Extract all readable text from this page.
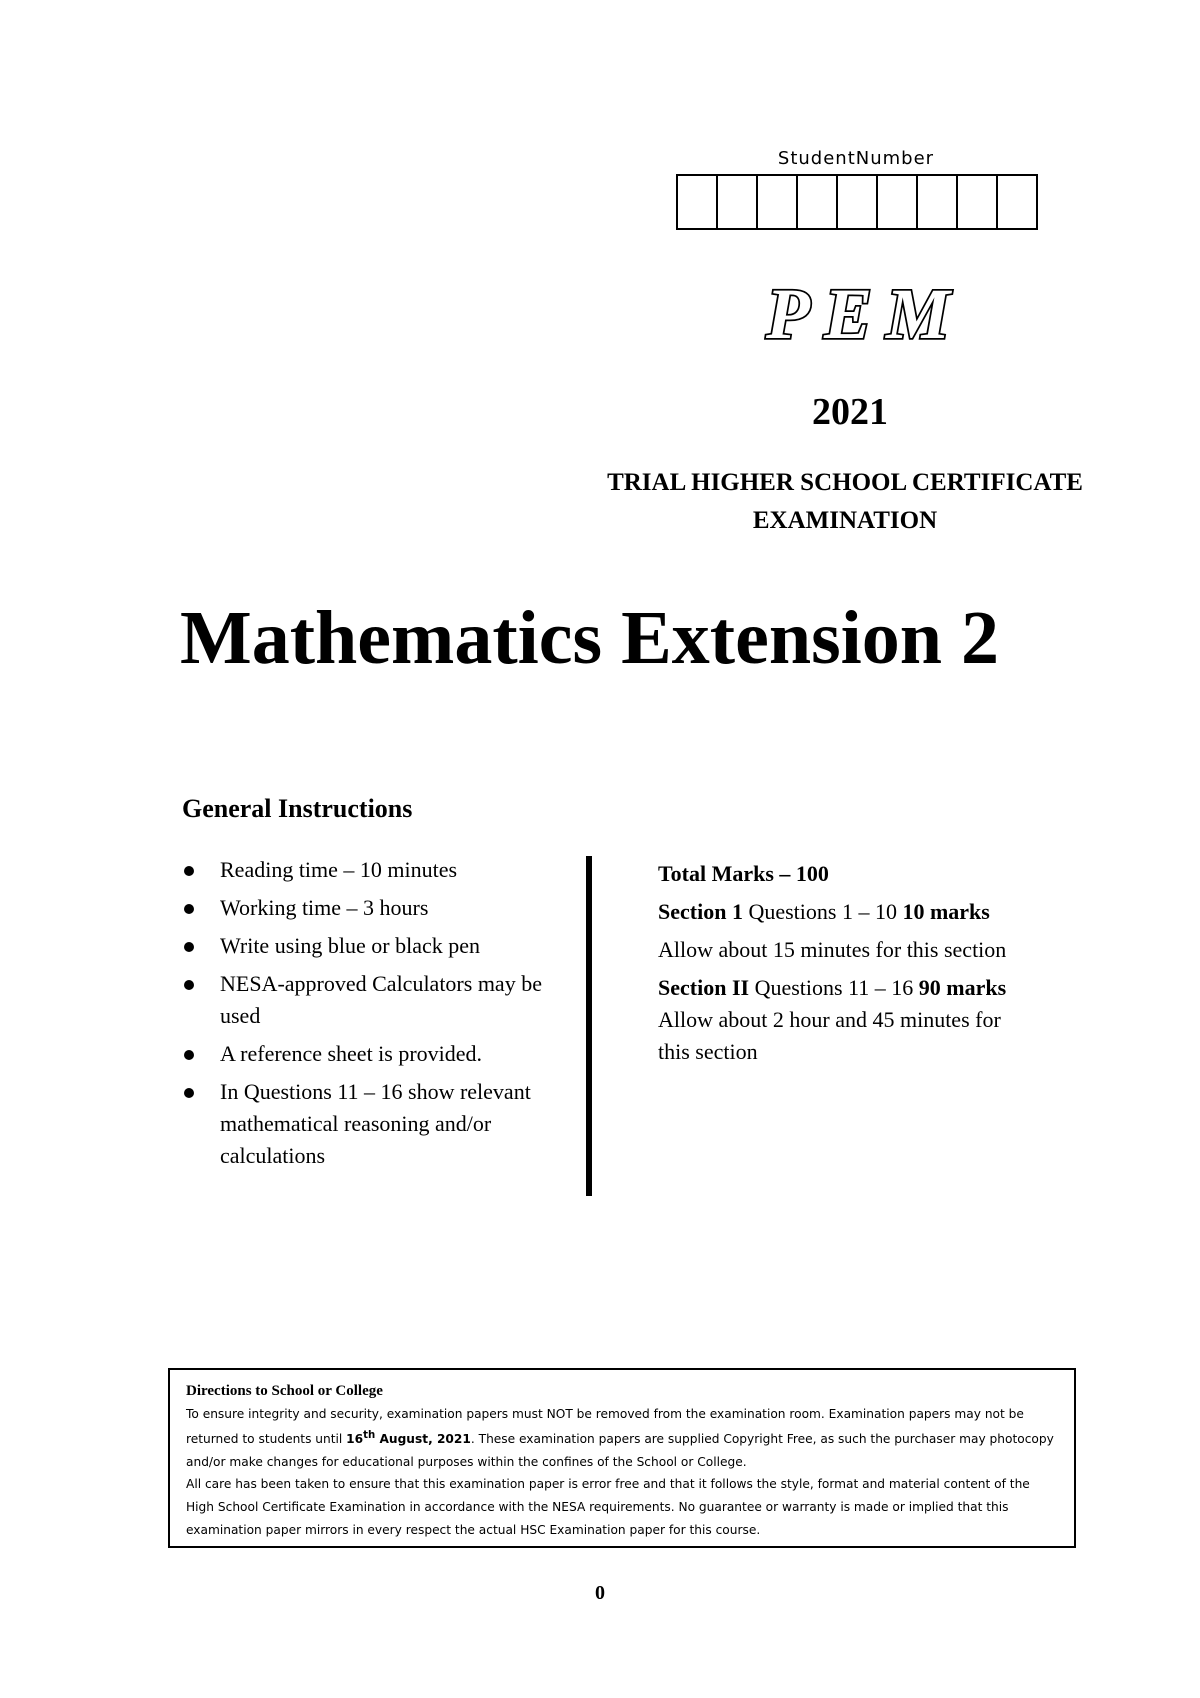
StudentNumber
PEM
2021
TRIAL HIGHER SCHOOL CERTIFICATE EXAMINATION
Mathematics Extension 2
General Instructions
Reading time – 10 minutes
Working time – 3 hours
Write using blue or black pen
NESA-approved Calculators may be used
A reference sheet is provided.
In Questions 11 – 16 show relevant mathematical reasoning and/or calculations
Total Marks – 100
Section 1 Questions 1 – 10 10 marks
Allow about 15 minutes for this section
Section II Questions 11 – 16 90 marks
Allow about 2 hour and 45 minutes for
this section
Directions to School or College
To ensure integrity and security, examination papers must NOT be removed from the examination room. Examination papers may not be returned to students until 16th August, 2021. These examination papers are supplied Copyright Free, as such the purchaser may photocopy and/or make changes for educational purposes within the confines of the School or College.
All care has been taken to ensure that this examination paper is error free and that it follows the style, format and material content of the High School Certificate Examination in accordance with the NESA requirements. No guarantee or warranty is made or implied that this examination paper mirrors in every respect the actual HSC Examination paper for this course.
0
